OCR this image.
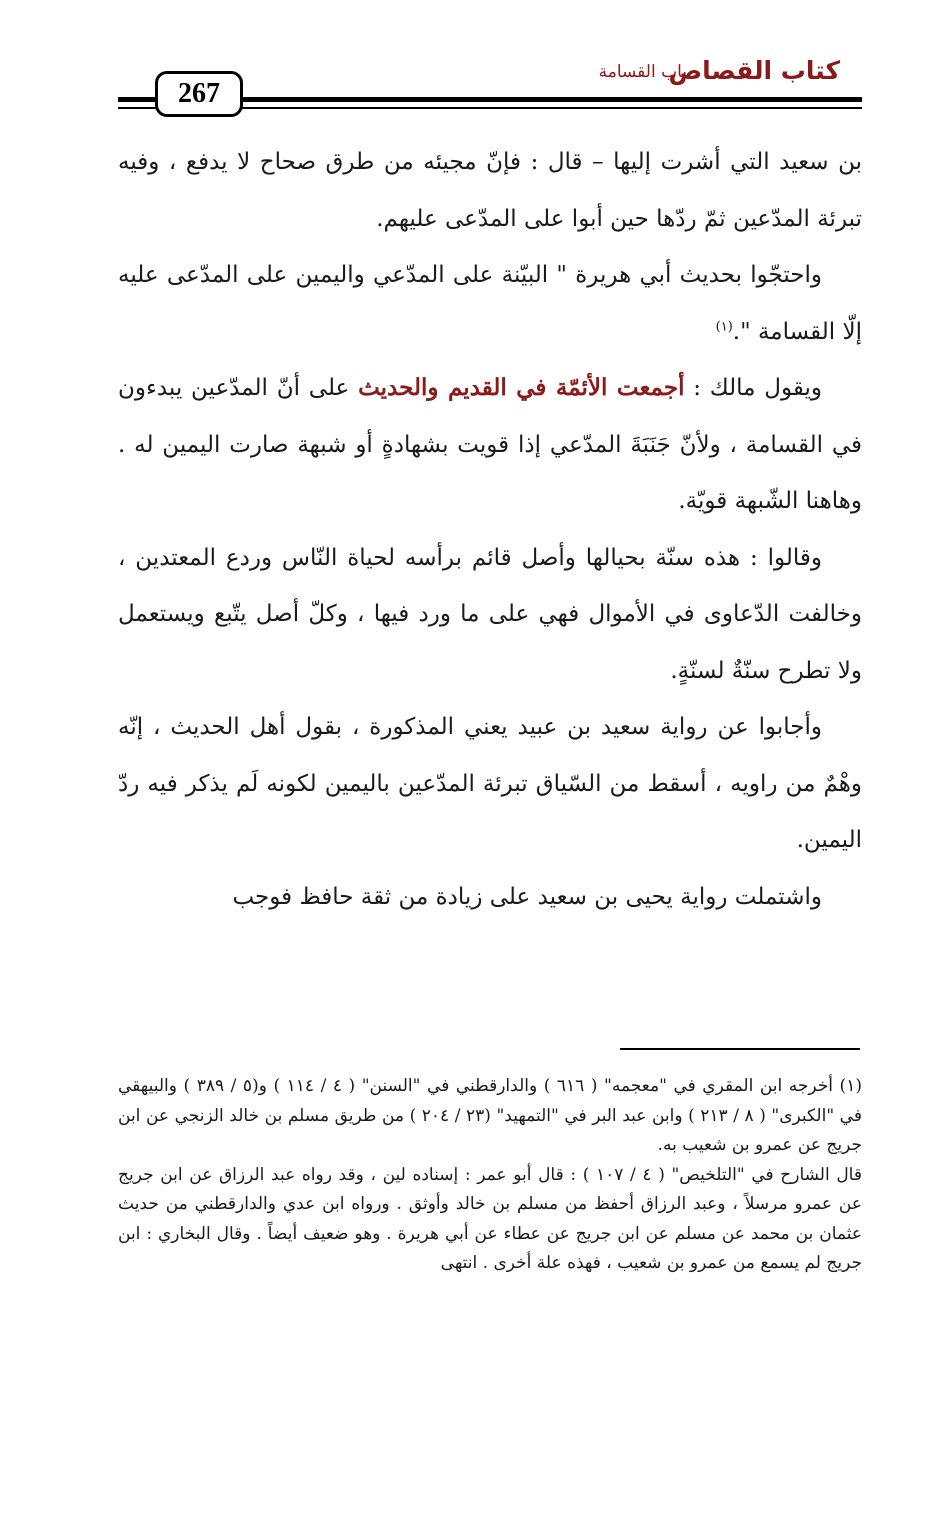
كتاب القصاص
باب القسامة
267

بن سعيد التي أشرت إليها – قال : فإنّ مجيئه من طرق صحاح لا يدفع ، وفيه تبرئة المدّعين ثمّ ردّها حين أبوا على المدّعى عليهم.

واحتجّوا بحديث أبي هريرة " البيّنة على المدّعي واليمين على المدّعى عليه إلّا القسامة ".$^{(١)}$

ويقول مالك : أجمعت الأئمّة في القديم والحديث على أنّ المدّعين يبدءون في القسامة ، ولأنّ جَنَبَةَ المدّعي إذا قويت بشهادةٍ أو شبهة صارت اليمين له . وهاهنا الشّبهة قويّة.

وقالوا : هذه سنّة بحيالها وأصل قائم برأسه لحياة النّاس وردع المعتدين ، وخالفت الدّعاوى في الأموال فهي على ما ورد فيها ، وكلّ أصل يتّبع ويستعمل ولا تطرح سنّةٌ لسنّةٍ.

وأجابوا عن رواية سعيد بن عبيد يعني المذكورة ، بقول أهل الحديث ، إنّه وهْمٌ من راويه ، أسقط من السّياق تبرئة المدّعين باليمين لكونه لَم يذكر فيه ردّ اليمين.

واشتملت رواية يحيى بن سعيد على زيادة من ثقة حافظ فوجب

(١) أخرجه ابن المقري في "معجمه" ( ٦١٦ ) والدارقطني في "السنن" ( ٤ / ١١٤ ) و(٥ / ٣٨٩ ) والبيهقي في "الكبرى" ( ٨ / ٢١٣ ) وابن عبد البر في "التمهيد" (٢٣ / ٢٠٤ ) من طريق مسلم بن خالد الزنجي عن ابن جريج عن عمرو بن شعيب به.

قال الشارح في "التلخيص" ( ٤ / ١٠٧ ) : قال أبو عمر : إسناده لين ، وقد رواه عبد الرزاق عن ابن جريج عن عمرو مرسلاً ، وعبد الرزاق أحفظ من مسلم بن خالد وأوثق . ورواه ابن عدي والدارقطني من حديث عثمان بن محمد عن مسلم عن ابن جريج عن عطاء عن أبي هريرة . وهو ضعيف أيضاً . وقال البخاري : ابن جريج لم يسمع من عمرو بن شعيب ، فهذه علة أخرى . انتهى
